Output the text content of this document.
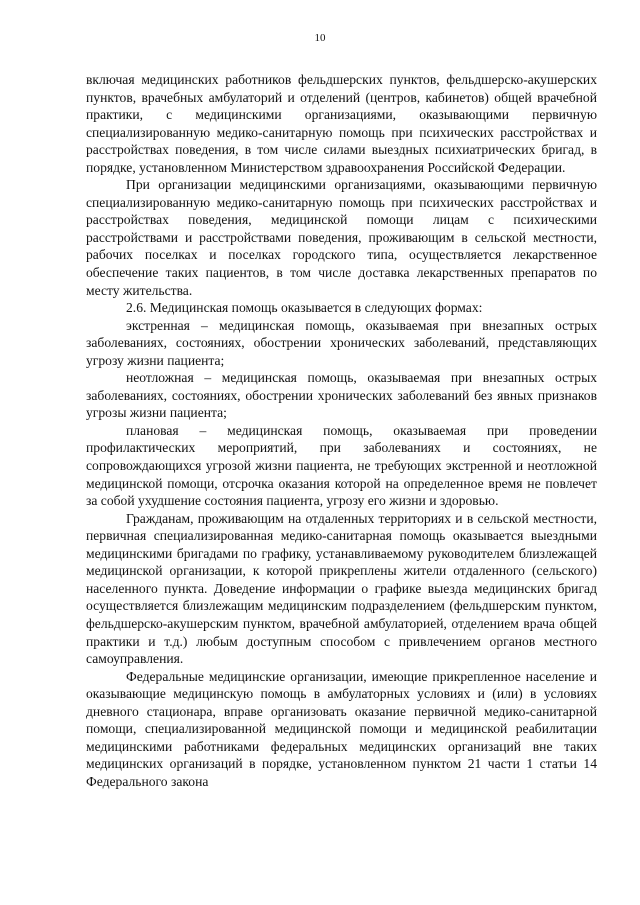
10

включая медицинских работников фельдшерских пунктов, фельдшерско-акушерских пунктов, врачебных амбулаторий и отделений (центров, кабинетов) общей врачебной практики, с медицинскими организациями, оказывающими первичную специализированную медико-санитарную помощь при психических расстройствах и расстройствах поведения, в том числе силами выездных психиатрических бригад, в порядке, установленном Министерством здравоохранения Российской Федерации.

При организации медицинскими организациями, оказывающими первичную специализированную медико-санитарную помощь при психических расстройствах и расстройствах поведения, медицинской помощи лицам с психическими расстройствами и расстройствами поведения, проживающим в сельской местности, рабочих поселках и поселках городского типа, осуществляется лекарственное обеспечение таких пациентов, в том числе доставка лекарственных препаратов по месту жительства.

2.6. Медицинская помощь оказывается в следующих формах:

экстренная – медицинская помощь, оказываемая при внезапных острых заболеваниях, состояниях, обострении хронических заболеваний, представляющих угрозу жизни пациента;

неотложная – медицинская помощь, оказываемая при внезапных острых заболеваниях, состояниях, обострении хронических заболеваний без явных признаков угрозы жизни пациента;

плановая – медицинская помощь, оказываемая при проведении профилактических мероприятий, при заболеваниях и состояниях, не сопровождающихся угрозой жизни пациента, не требующих экстренной и неотложной медицинской помощи, отсрочка оказания которой на определенное время не повлечет за собой ухудшение состояния пациента, угрозу его жизни и здоровью.

Гражданам, проживающим на отдаленных территориях и в сельской местности, первичная специализированная медико-санитарная помощь оказывается выездными медицинскими бригадами по графику, устанавливаемому руководителем близлежащей медицинской организации, к которой прикреплены жители отдаленного (сельского) населенного пункта. Доведение информации о графике выезда медицинских бригад осуществляется близлежащим медицинским подразделением (фельдшерским пунктом, фельдшерско-акушерским пунктом, врачебной амбулаторией, отделением врача общей практики и т.д.) любым доступным способом с привлечением органов местного самоуправления.

Федеральные медицинские организации, имеющие прикрепленное население и оказывающие медицинскую помощь в амбулаторных условиях и (или) в условиях дневного стационара, вправе организовать оказание первичной медико-санитарной помощи, специализированной медицинской помощи и медицинской реабилитации медицинскими работниками федеральных медицинских организаций вне таких медицинских организаций в порядке, установленном пунктом 21 части 1 статьи 14 Федерального закона
